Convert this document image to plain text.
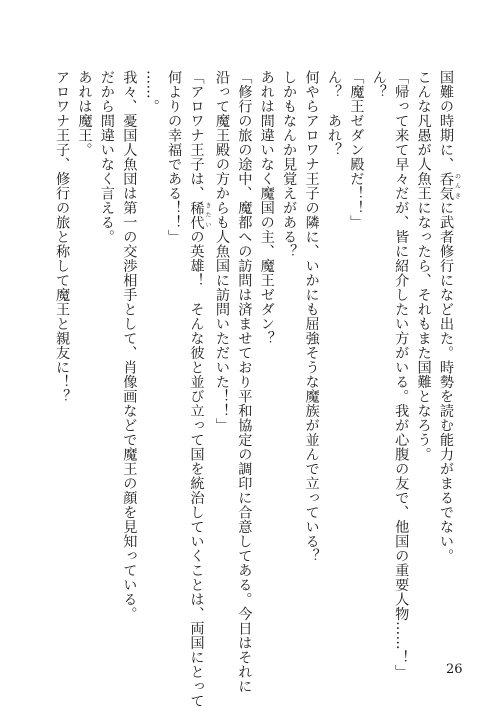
国難の時期に、呑気 のんきに武者修行になど出た。時勢を読む能力がまるでない。
こんな凡愚が人魚王になったら、それもまた国難となろう。
「帰って来て早々だが、皆に紹介したい方がいる。我が心腹の友で、他国の重要人物……！」
ん？
「魔王ゼダン殿だ！！」
ん？　あれ？
何やらアロワナ王子の隣に、いかにも屈強そうな魔族が並んで立っている？
しかもなんか見覚えがある？
あれは間違いなく魔国の主、魔王ゼダン？
「修行の旅の途中、魔都への訪問は済ませており平和協定の調印に合意してある。今日はそれに
沿って魔王殿の方からも人魚国に訪問いただいた！！」
「アロワナ王子は、稀代 きたいの英雄！　そんな彼と並び立って国を統治していくことは、両国にとって
何よりの幸福である！！」
……。
我々、憂国人魚団は第一の交渉相手として、肖像画などで魔王の顔を見知っている。
だから間違いなく言える。
あれは魔王。
アロワナ王子、修行の旅と称して魔王と親友に！？
26
